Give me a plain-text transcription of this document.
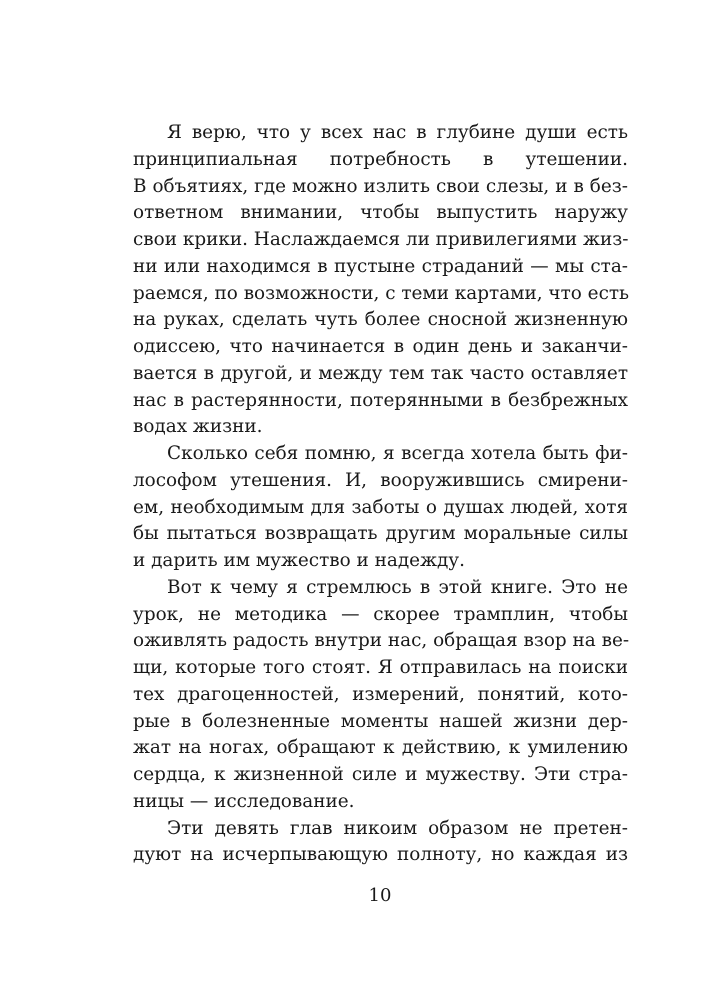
Я верю, что у всех нас в глубине души есть
принципиальная потребность в утешении.
В объятиях, где можно излить свои слезы, и в без-
ответном внимании, чтобы выпустить наружу
свои крики. Наслаждаемся ли привилегиями жиз-
ни или находимся в пустыне страданий — мы ста-
раемся, по возможности, с теми картами, что есть
на руках, сделать чуть более сносной жизненную
одиссею, что начинается в один день и заканчи-
вается в другой, и между тем так часто оставляет
нас в растерянности, потерянными в безбрежных
водах жизни.
Сколько себя помню, я всегда хотела быть фи-
лософом утешения. И, вооружившись смирени-
ем, необходимым для заботы о душах людей, хотя
бы пытаться возвращать другим моральные силы
и дарить им мужество и надежду.
Вот к чему я стремлюсь в этой книге. Это не
урок, не методика — скорее трамплин, чтобы
оживлять радость внутри нас, обращая взор на ве-
щи, которые того стоят. Я отправилась на поиски
тех драгоценностей, измерений, понятий, кото-
рые в болезненные моменты нашей жизни дер-
жат на ногах, обращают к действию, к умилению
сердца, к жизненной силе и мужеству. Эти стра-
ницы — исследование.
Эти девять глав никоим образом не претен-
дуют на исчерпывающую полноту, но каждая из
10
